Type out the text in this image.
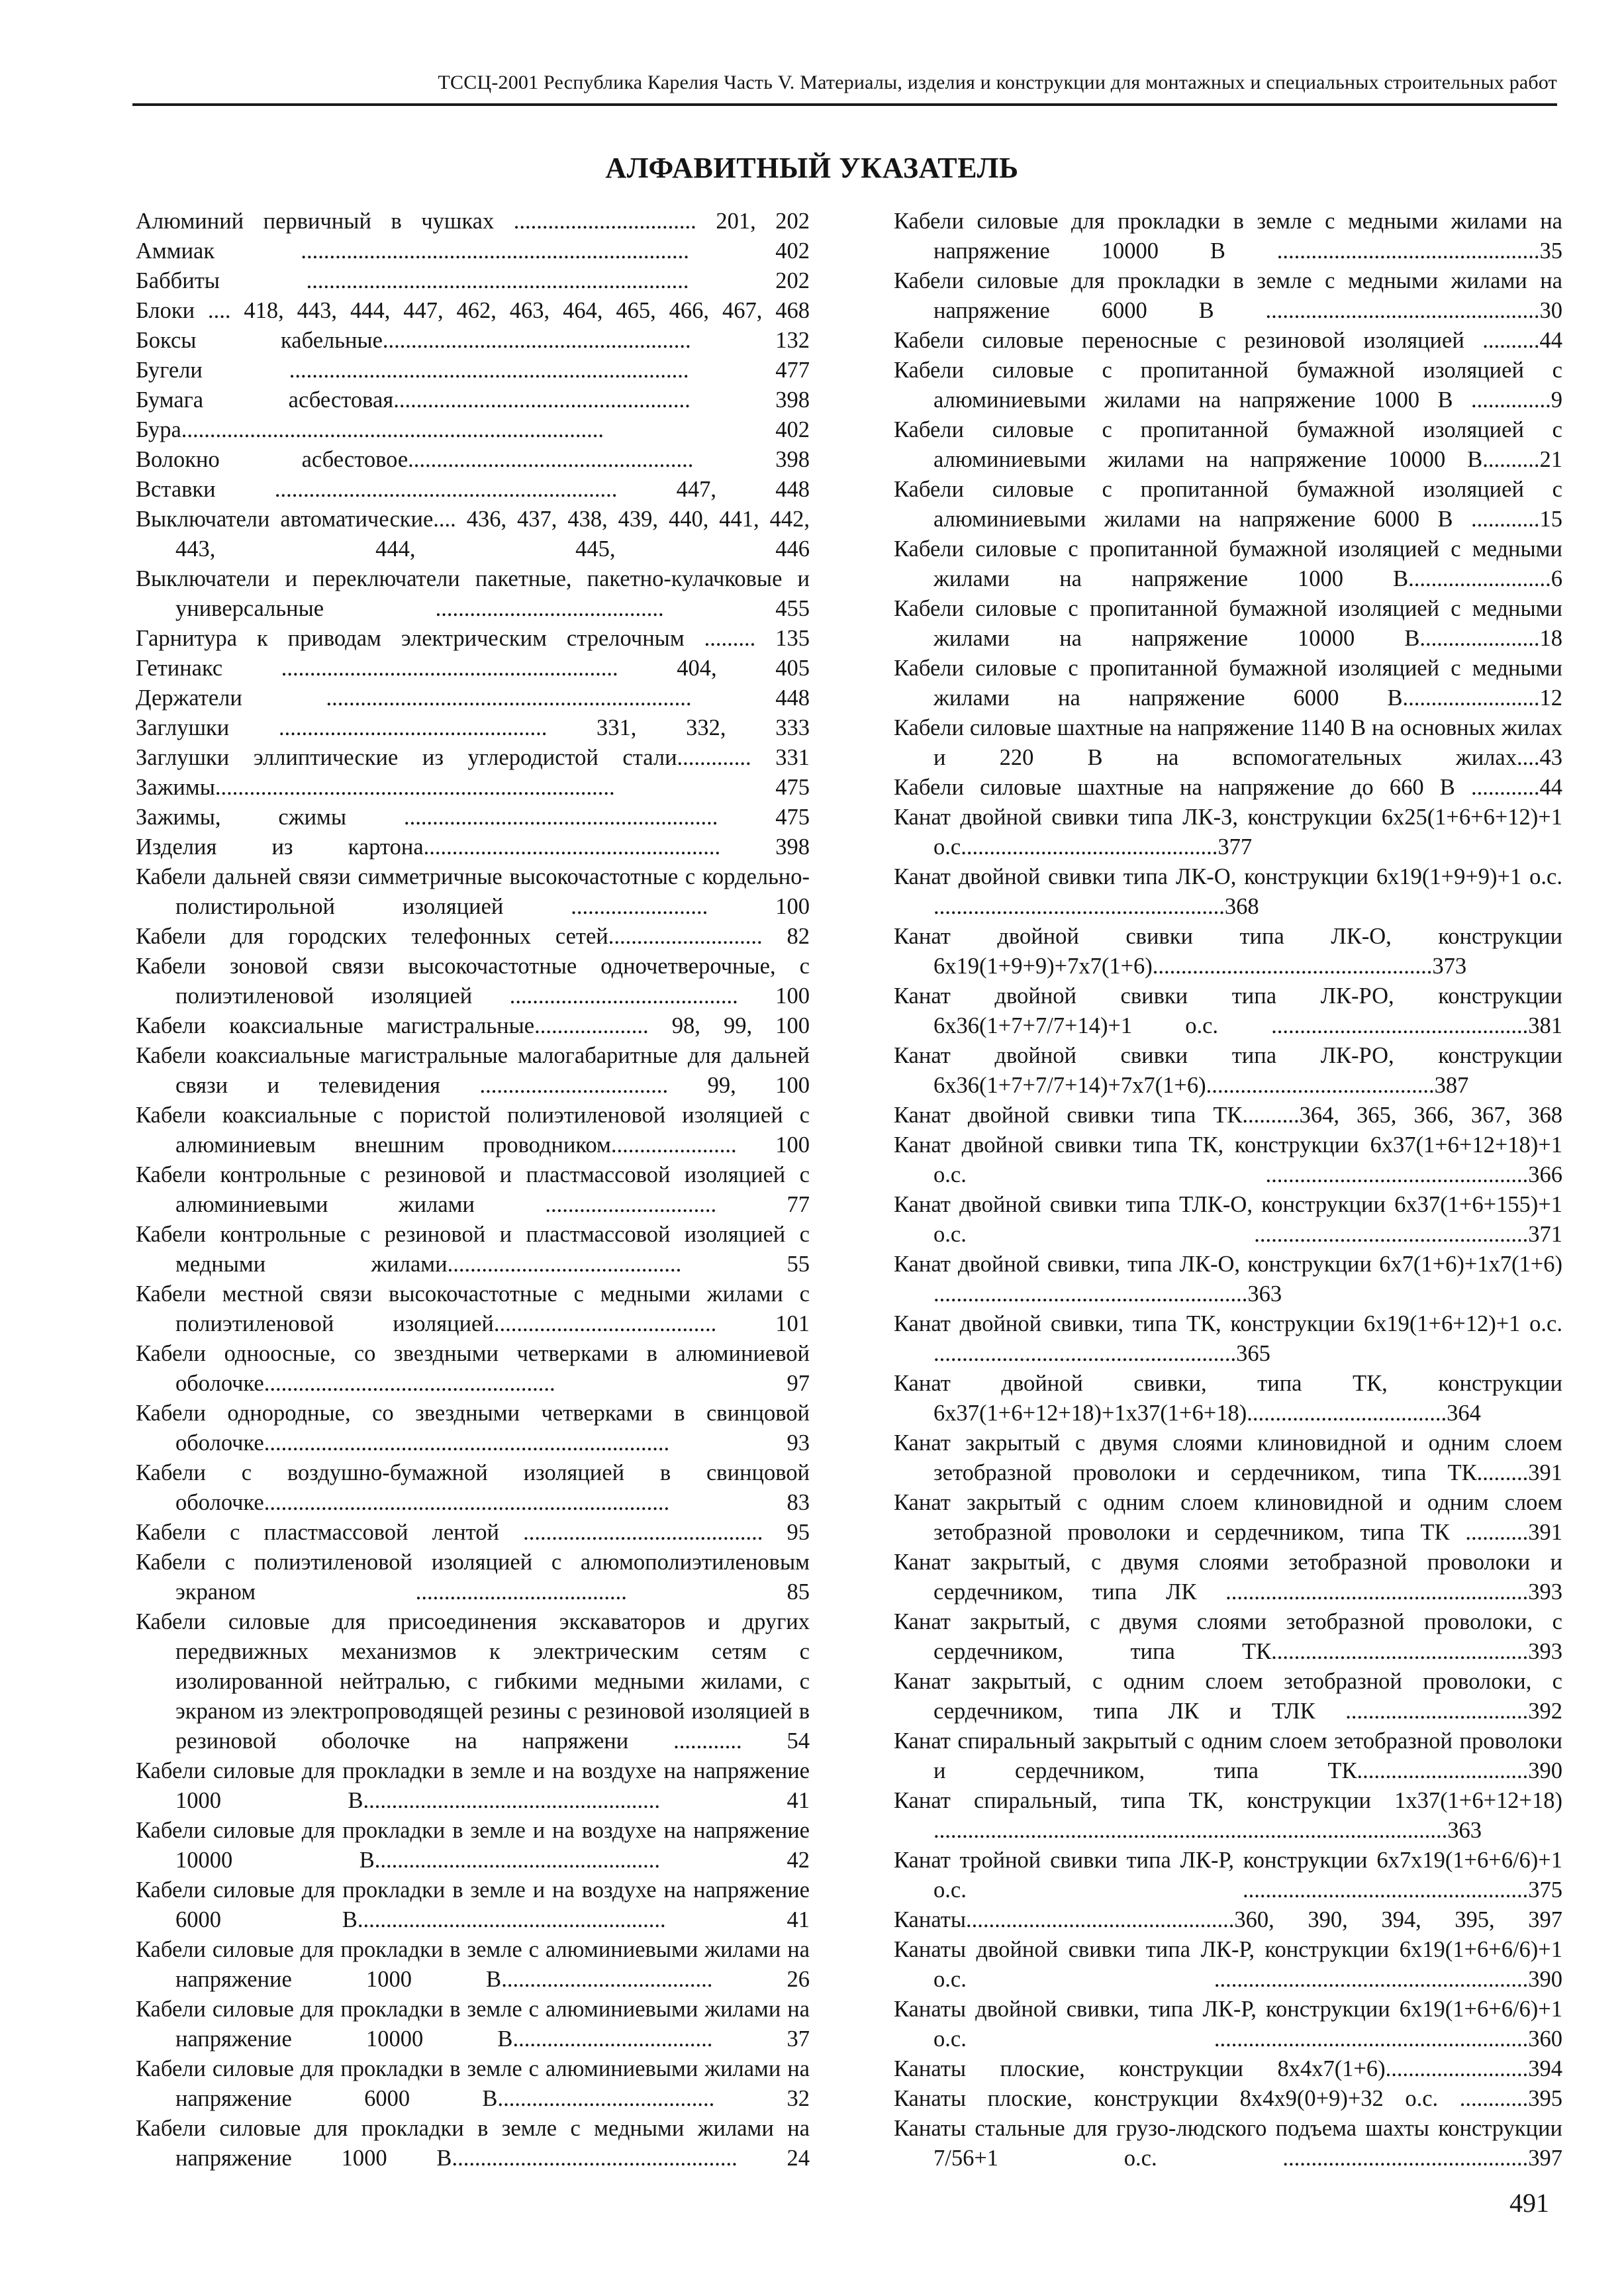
ТССЦ-2001 Республика Карелия Часть V. Материалы, изделия и конструкции для монтажных и специальных строительных работ
АЛФАВИТНЫЙ УКАЗАТЕЛЬ
Алюминий первичный в чушках ................................ 201, 202
Аммиак .................................................................... 402
Баббиты ................................................................... 202
Блоки .... 418, 443, 444, 447, 462, 463, 464, 465, 466, 467, 468
Боксы кабельные...................................................... 132
Бугели ...................................................................... 477
Бумага асбестовая.................................................... 398
Бура.......................................................................... 402
Волокно асбестовое.................................................. 398
Вставки ............................................................ 447, 448
Выключатели автоматические.... 436, 437, 438, 439, 440, 441, 442, 443, 444, 445, 446
Выключатели и переключатели пакетные, пакетно-кулачковые и универсальные ........................................ 455
Гарнитура к приводам электрическим стрелочным ......... 135
Гетинакс ........................................................... 404, 405
Держатели ................................................................ 448
Заглушки ............................................... 331, 332, 333
Заглушки эллиптические из углеродистой стали............. 331
Зажимы...................................................................... 475
Зажимы, сжимы ....................................................... 475
Изделия из картона.................................................... 398
Кабели дальней связи симметричные высокочастотные с кордельно-полистирольной изоляцией ........................ 100
Кабели для городских телефонных сетей........................... 82
Кабели зоновой связи высокочастотные одночетверочные, с полиэтиленовой изоляцией ........................................ 100
Кабели коаксиальные магистральные.................... 98, 99, 100
Кабели коаксиальные магистральные малогабаритные для дальней связи и телевидения ................................. 99, 100
Кабели коаксиальные с пористой полиэтиленовой изоляцией с алюминиевым внешним проводником...................... 100
Кабели контрольные с резиновой и пластмассовой изоляцией с алюминиевыми жилами .............................. 77
Кабели контрольные с резиновой и пластмассовой изоляцией с медными жилами......................................... 55
Кабели местной связи высокочастотные с медными жилами с полиэтиленовой изоляцией....................................... 101
Кабели одноосные, со звездными четверками в алюминиевой оболочке................................................... 97
Кабели однородные, со звездными четверками в свинцовой оболочке....................................................................... 93
Кабели с воздушно-бумажной изоляцией в свинцовой оболочке....................................................................... 83
Кабели с пластмассовой лентой .......................................... 95
Кабели с полиэтиленовой изоляцией с алюмополиэтиленовым экраном ..................................... 85
Кабели силовые для присоединения экскаваторов и других передвижных механизмов к электрическим сетям с изолированной нейтралью, с гибкими медными жилами, с экраном из электропроводящей резины с резиновой изоляцией в резиновой оболочке на напряжени ............ 54
Кабели силовые для прокладки в земле и на воздухе на напряжение 1000 В.................................................... 41
Кабели силовые для прокладки в земле и на воздухе на напряжение 10000 В.................................................. 42
Кабели силовые для прокладки в земле и на воздухе на напряжение 6000 В...................................................... 41
Кабели силовые для прокладки в земле с алюминиевыми жилами на напряжение 1000 В..................................... 26
Кабели силовые для прокладки в земле с алюминиевыми жилами на напряжение 10000 В................................... 37
Кабели силовые для прокладки в земле с алюминиевыми жилами на напряжение 6000 В...................................... 32
Кабели силовые для прокладки в земле с медными жилами на напряжение 1000 В.................................................. 24
Кабели силовые для прокладки в земле с медными жилами на напряжение 10000 В ..............................................35
Кабели силовые для прокладки в земле с медными жилами на напряжение 6000 В ................................................30
Кабели силовые переносные с резиновой изоляцией ..........44
Кабели силовые с пропитанной бумажной изоляцией с алюминиевыми жилами на напряжение 1000 В ..............9
Кабели силовые с пропитанной бумажной изоляцией с алюминиевыми жилами на напряжение 10000 В..........21
Кабели силовые с пропитанной бумажной изоляцией с алюминиевыми жилами на напряжение 6000 В ............15
Кабели силовые с пропитанной бумажной изоляцией с медными жилами на напряжение 1000 В.........................6
Кабели силовые с пропитанной бумажной изоляцией с медными жилами на напряжение 10000 В.....................18
Кабели силовые с пропитанной бумажной изоляцией с медными жилами на напряжение 6000 В........................12
Кабели силовые шахтные на напряжение 1140 В на основных жилах и 220 В на вспомогательных жилах....43
Кабели силовые шахтные на напряжение до 660 В ............44
Канат двойной свивки типа ЛК-З, конструкции 6х25(1+6+6+12)+1 о.с.............................................377
Канат двойной свивки типа ЛК-О, конструкции 6х19(1+9+9)+1 о.с. ...................................................368
Канат двойной свивки типа ЛК-О, конструкции 6х19(1+9+9)+7х7(1+6).................................................373
Канат двойной свивки типа ЛК-РО, конструкции 6х36(1+7+7/7+14)+1 о.с. .............................................381
Канат двойной свивки типа ЛК-РО, конструкции 6х36(1+7+7/7+14)+7х7(1+6)........................................387
Канат двойной свивки типа ТК..........364, 365, 366, 367, 368
Канат двойной свивки типа ТК, конструкции 6х37(1+6+12+18)+1 о.с. ..............................................366
Канат двойной свивки типа ТЛК-О, конструкции 6х37(1+6+155)+1 о.с. ................................................371
Канат двойной свивки, типа ЛК-О, конструкции 6х7(1+6)+1х7(1+6) .......................................................363
Канат двойной свивки, типа ТК, конструкции 6х19(1+6+12)+1 о.с. .....................................................365
Канат двойной свивки, типа ТК, конструкции 6х37(1+6+12+18)+1х37(1+6+18)...................................364
Канат закрытый с двумя слоями клиновидной и одним слоем зетобразной проволоки и сердечником, типа ТК.........391
Канат закрытый с одним слоем клиновидной и одним слоем зетобразной проволоки и сердечником, типа ТК ...........391
Канат закрытый, с двумя слоями зетобразной проволоки и сердечником, типа ЛК .....................................................393
Канат закрытый, с двумя слоями зетобразной проволоки, с сердечником, типа ТК.............................................393
Канат закрытый, с одним слоем зетобразной проволоки, с сердечником, типа ЛК и ТЛК ................................392
Канат спиральный закрытый с одним слоем зетобразной проволоки и сердечником, типа ТК..............................390
Канат спиральный, типа ТК, конструкции 1х37(1+6+12+18) ..........................................................................................363
Канат тройной свивки типа ЛК-Р, конструкции 6х7х19(1+6+6/6)+1 о.с. ..................................................375
Канаты...............................................360, 390, 394, 395, 397
Канаты двойной свивки типа ЛК-Р, конструкции 6х19(1+6+6/6)+1 о.с. .......................................................390
Канаты двойной свивки, типа ЛК-Р, конструкции 6х19(1+6+6/6)+1 о.с. .......................................................360
Канаты плоские, конструкции 8х4х7(1+6).........................394
Канаты плоские, конструкции 8х4х9(0+9)+32 о.с. ............395
Канаты стальные для грузо-людского подъема шахты конструкции 7/56+1 о.с. ...........................................397
491
